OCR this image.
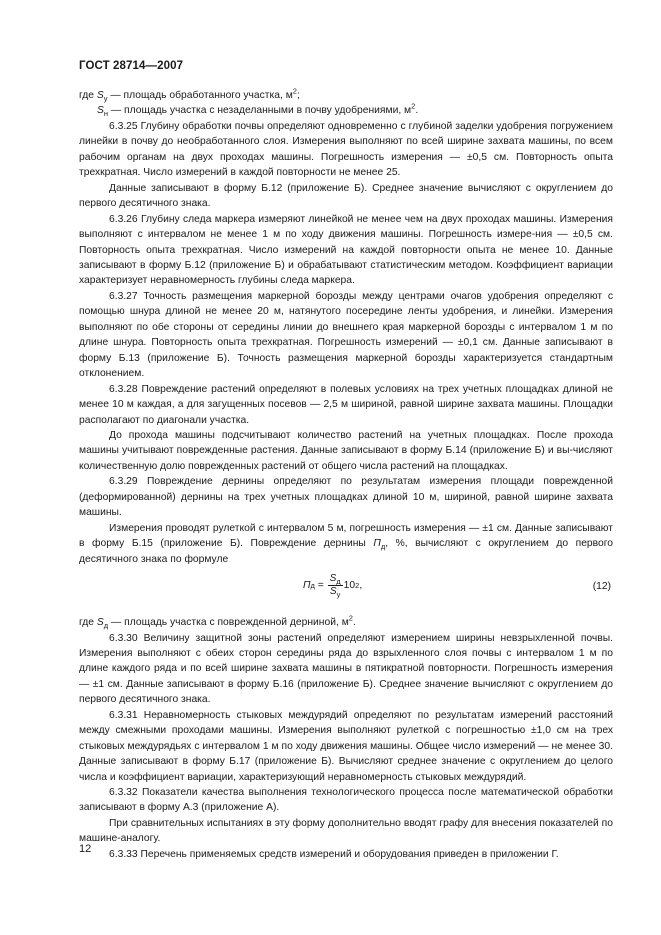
ГОСТ 28714—2007

где $S_y$ — площадь обработанного участка, $м^2$;

$S_н$ — площадь участка с незаделанными в почву удобрениями, $м^2$.

6.3.25 Глубину обработки почвы определяют одновременно с глубиной заделки удобрения погружением линейки в почву до необработанного слоя. Измерения выполняют по всей ширине захвата машины, по всем рабочим органам на двух проходах машины. Погрешность измерения — ±0,5 см. Повторность опыта трехкратная. Число измерений в каждой повторности не менее 25.

Данные записывают в форму Б.12 (приложение Б). Среднее значение вычисляют с округлением до первого десятичного знака.

6.3.26 Глубину следа маркера измеряют линейкой не менее чем на двух проходах машины. Измерения выполняют с интервалом не менее 1 м по ходу движения машины. Погрешность измере-ния — ±0,5 см. Повторность опыта трехкратная. Число измерений на каждой повторности опыта не менее 10. Данные записывают в форму Б.12 (приложение Б) и обрабатывают статистическим методом. Коэффициент вариации характеризует неравномерность глубины следа маркера.

6.3.27 Точность размещения маркерной борозды между центрами очагов удобрения определяют с помощью шнура длиной не менее 20 м, натянутого посередине ленты удобрения, и линейки. Измерения выполняют по обе стороны от середины линии до внешнего края маркерной борозды с интервалом 1 м по длине шнура. Повторность опыта трехкратная. Погрешность измерений — ±0,1 см. Данные записывают в форму Б.13 (приложение Б). Точность размещения маркерной борозды характеризуется стандартным отклонением.

6.3.28 Повреждение растений определяют в полевых условиях на трех учетных площадках длиной не менее 10 м каждая, а для загущенных посевов — 2,5 м шириной, равной ширине захвата машины. Площадки располагают по диагонали участка.

До прохода машины подсчитывают количество растений на учетных площадках. После прохода машины учитывают поврежденные растения. Данные записывают в форму Б.14 (приложение Б) и вы-числяют количественную долю поврежденных растений от общего числа растений на площадках.

6.3.29 Повреждение дернины определяют по результатам измерения площади поврежденной (деформированной) дернины на трех учетных площадках длиной 10 м, шириной, равной ширине захвата машины.

Измерения проводят рулеткой с интервалом 5 м, погрешность измерения — ±1 см. Данные записывают в форму Б.15 (приложение Б). Повреждение дернины $П_д$, %, вычисляют с округлением до первого десятичного знака по формуле

П $д = \frac{S_д}{S_y} 10$ 2 ,	(12)

где $S_д$ — площадь участка с поврежденной дерниной, $м^2$.

6.3.30 Величину защитной зоны растений определяют измерением ширины невзрыхленной почвы. Измерения выполняют с обеих сторон середины ряда до взрыхленного слоя почвы с интервалом 1 м по длине каждого ряда и по всей ширине захвата машины в пятикратной повторности. Погрешность измерения — ±1 см. Данные записывают в форму Б.16 (приложение Б). Среднее значение вычисляют с округлением до первого десятичного знака.

6.3.31 Неравномерность стыковых междурядий определяют по результатам измерений расстояний между смежными проходами машины. Измерения выполняют рулеткой с погрешностью ±1,0 см на трех стыковых междурядьях с интервалом 1 м по ходу движения машины. Общее число измерений — не менее 30. Данные записывают в форму Б.17 (приложение Б). Вычисляют среднее значение с округлением до целого числа и коэффициент вариации, характеризующий неравномерность стыковых междурядий.

6.3.32 Показатели качества выполнения технологического процесса после математической обработки записывают в форму А.3 (приложение А).

При сравнительных испытаниях в эту форму дополнительно вводят графу для внесения показателей по машине-аналогу.

6.3.33 Перечень применяемых средств измерений и оборудования приведен в приложении Г.

12
